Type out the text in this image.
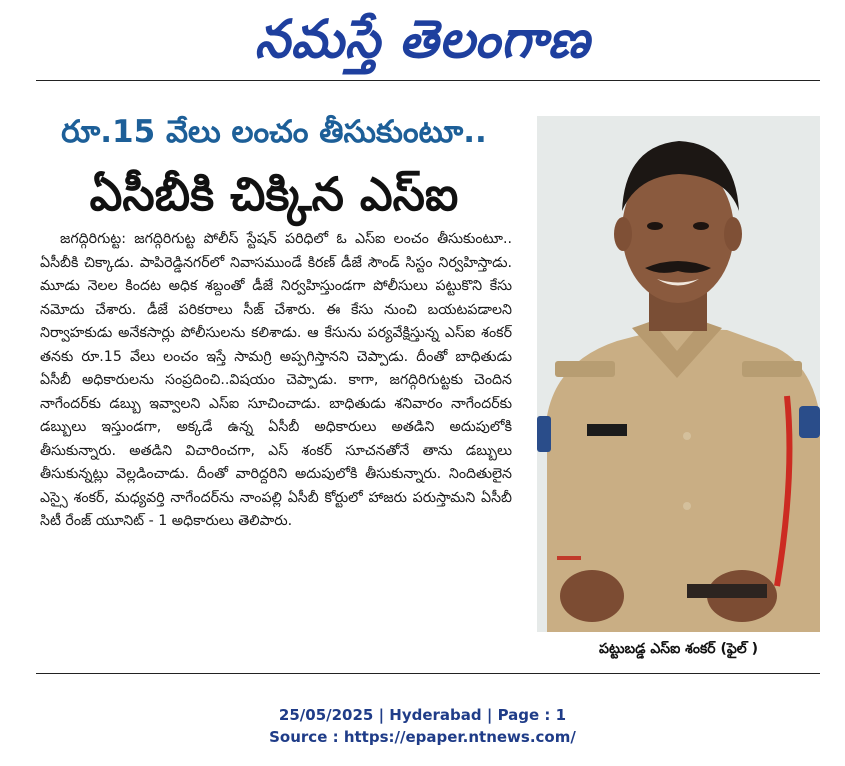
నమస్తే తెలంగాణ
రూ.15 వేలు లంచం తీసుకుంటూ..
ఏసీబీకి చిక్కిన ఎస్ఐ
జగద్గిరిగుట్ట: జగద్గిరిగుట్ట పోలీస్ స్టేషన్ పరిధిలో ఓ ఎస్ఐ లంచం తీసుకుంటూ.. ఏసీబీకి చిక్కాడు. పాపిరెడ్డినగర్‌లో నివాసముండే కిరణ్ డీజే సౌండ్ సిస్టం నిర్వహిస్తాడు. మూడు నెలల కిందట అధిక శబ్దంతో డీజే నిర్వహిస్తుండగా పోలీసులు పట్టుకొని కేసు నమోదు చేశారు. డీజే పరికరాలు సీజ్ చేశారు. ఈ కేసు నుంచి బయటపడాలని నిర్వాహకుడు అనేకసార్లు పోలీసులను కలిశాడు. ఆ కేసును పర్యవేక్షిస్తున్న ఎస్ఐ శంకర్ తనకు రూ.15 వేలు లంచం ఇస్తే సామగ్రి అప్పగిస్తానని చెప్పాడు. దీంతో బాధితుడు ఏసీబీ అధికారులను సంప్రదించి..విషయం చెప్పాడు. కాగా, జగద్గిరిగుట్టకు చెందిన నాగేందర్‌కు డబ్బు ఇవ్వాలని ఎస్ఐ సూచించాడు. బాధితుడు శనివారం నాగేందర్‌కు డబ్బులు ఇస్తుండగా, అక్కడే ఉన్న ఏసీబీ అధికారులు అతడిని అదుపులోకి తీసుకున్నారు. అతడిని విచారించగా, ఎస్ శంకర్ సూచనతోనే తాను డబ్బులు తీసుకున్నట్లు వెల్లడించాడు. దీంతో వారిద్దరిని అదుపులోకి తీసుకున్నారు. నిందితులైన ఎస్సై శంకర్, మధ్యవర్తి నాగేందర్‌ను నాంపల్లి ఏసీబీ కోర్టులో హాజరు పరుస్తామని ఏసీబీ సిటీ రేంజ్ యూనిట్ - 1 అధికారులు తెలిపారు.
పట్టుబడ్డ ఎస్ఐ శంకర్ (ఫైల్ )
25/05/2025 | Hyderabad | Page : 1
Source : https://epaper.ntnews.com/
